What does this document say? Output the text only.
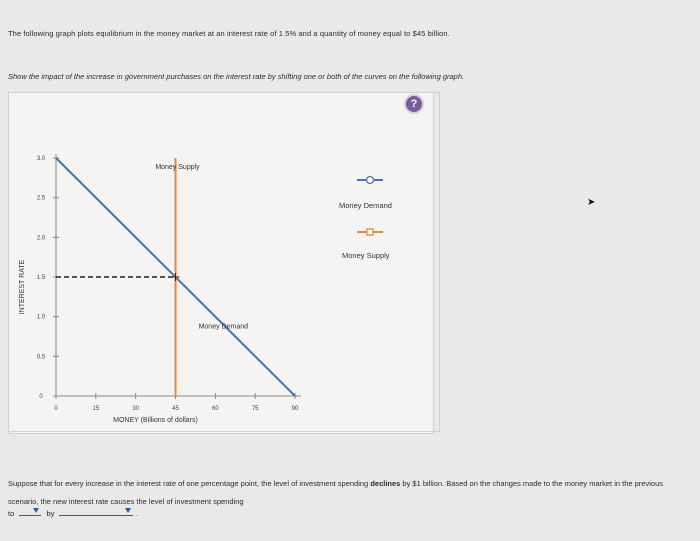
The following graph plots equilibrium in the money market at an interest rate of 1.5% and a quantity of money equal to $45 billion.
Show the impact of the increase in government purchases on the interest rate by shifting one or both of the curves on the following graph.
?
0
0.5
1.0
1.5
2.0
2.5
3.0
0	15	30	45	60	75	90
MONEY (Billions of dollars)
INTEREST RATE
Money Supply
Money Demand
Money Demand
Money Supply
➤
Suppose that for every increase in the interest rate of one percentage point, the level of investment spending declines by $1 billion. Based on the changes made to the money market in the previous scenario, the new interest rate causes the level of investment spending
to	by	.
